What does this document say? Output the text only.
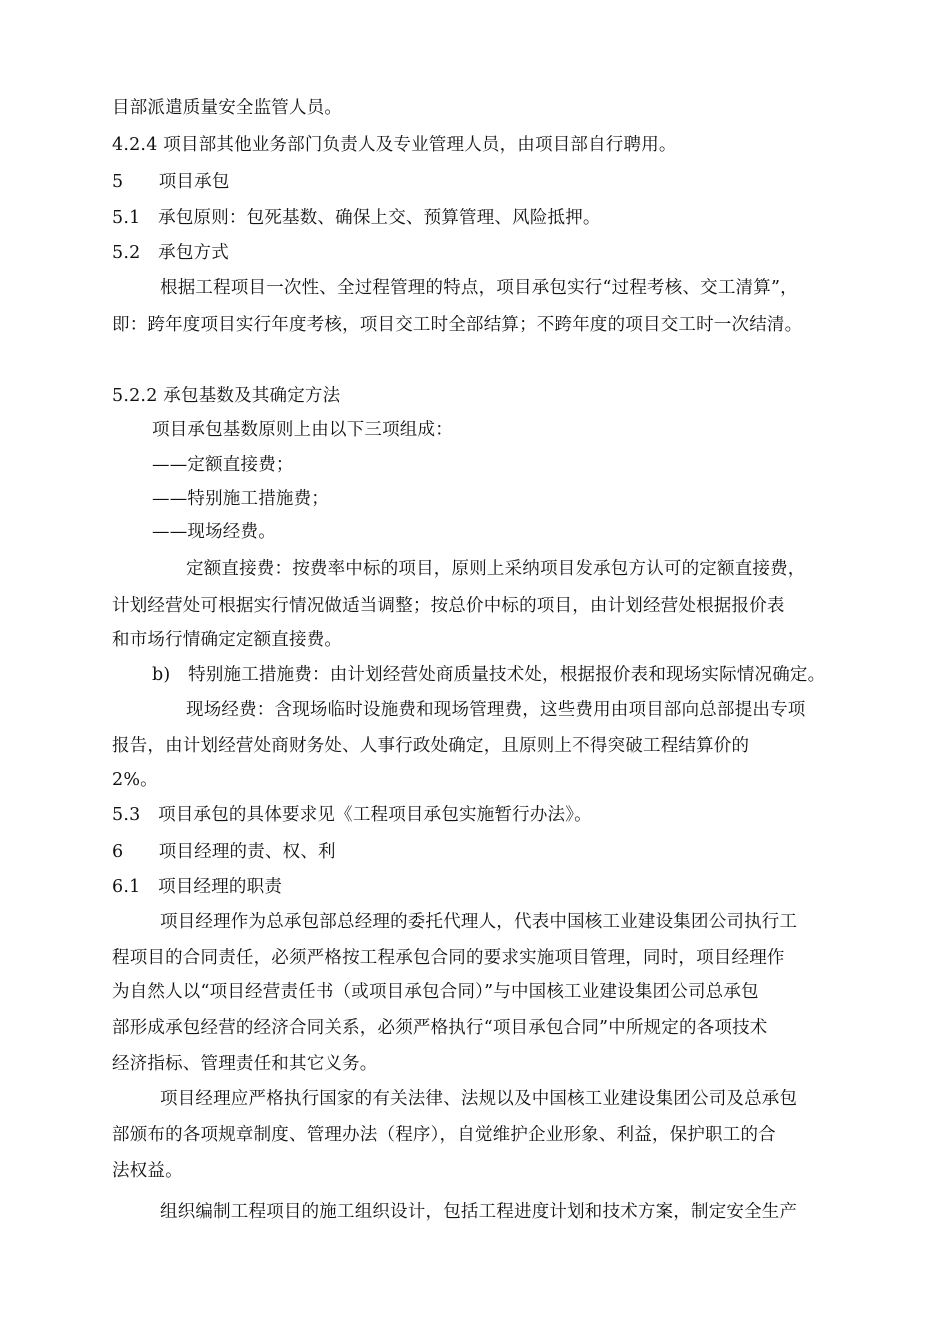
目部派遣质量安全监管人员。
4.2.4 项目部其他业务部门负责人及专业管理人员，由项目部自行聘用。
5　　项目承包
5.1　承包原则：包死基数、确保上交、预算管理、风险抵押。
5.2　承包方式
根据工程项目一次性、全过程管理的特点，项目承包实行“过程考核、交工清算”，
即：跨年度项目实行年度考核，项目交工时全部结算；不跨年度的项目交工时一次结清。
5.2.2 承包基数及其确定方法
项目承包基数原则上由以下三项组成：
——定额直接费；
——特别施工措施费；
——现场经费。
定额直接费：按费率中标的项目，原则上采纳项目发承包方认可的定额直接费，
计划经营处可根据实行情况做适当调整；按总价中标的项目，由计划经营处根据报价表
和市场行情确定定额直接费。
b)　特别施工措施费：由计划经营处商质量技术处，根据报价表和现场实际情况确定。
现场经费：含现场临时设施费和现场管理费，这些费用由项目部向总部提出专项
报告，由计划经营处商财务处、人事行政处确定，且原则上不得突破工程结算价的
2%。
5.3　项目承包的具体要求见《工程项目承包实施暂行办法》。
6　　项目经理的责、权、利
6.1　项目经理的职责
项目经理作为总承包部总经理的委托代理人，代表中国核工业建设集团公司执行工
程项目的合同责任，必须严格按工程承包合同的要求实施项目管理，同时，项目经理作
为自然人以“项目经营责任书（或项目承包合同）”与中国核工业建设集团公司总承包
部形成承包经营的经济合同关系，必须严格执行“项目承包合同”中所规定的各项技术
经济指标、管理责任和其它义务。
项目经理应严格执行国家的有关法律、法规以及中国核工业建设集团公司及总承包
部颁布的各项规章制度、管理办法（程序），自觉维护企业形象、利益，保护职工的合
法权益。
组织编制工程项目的施工组织设计，包括工程进度计划和技术方案，制定安全生产
